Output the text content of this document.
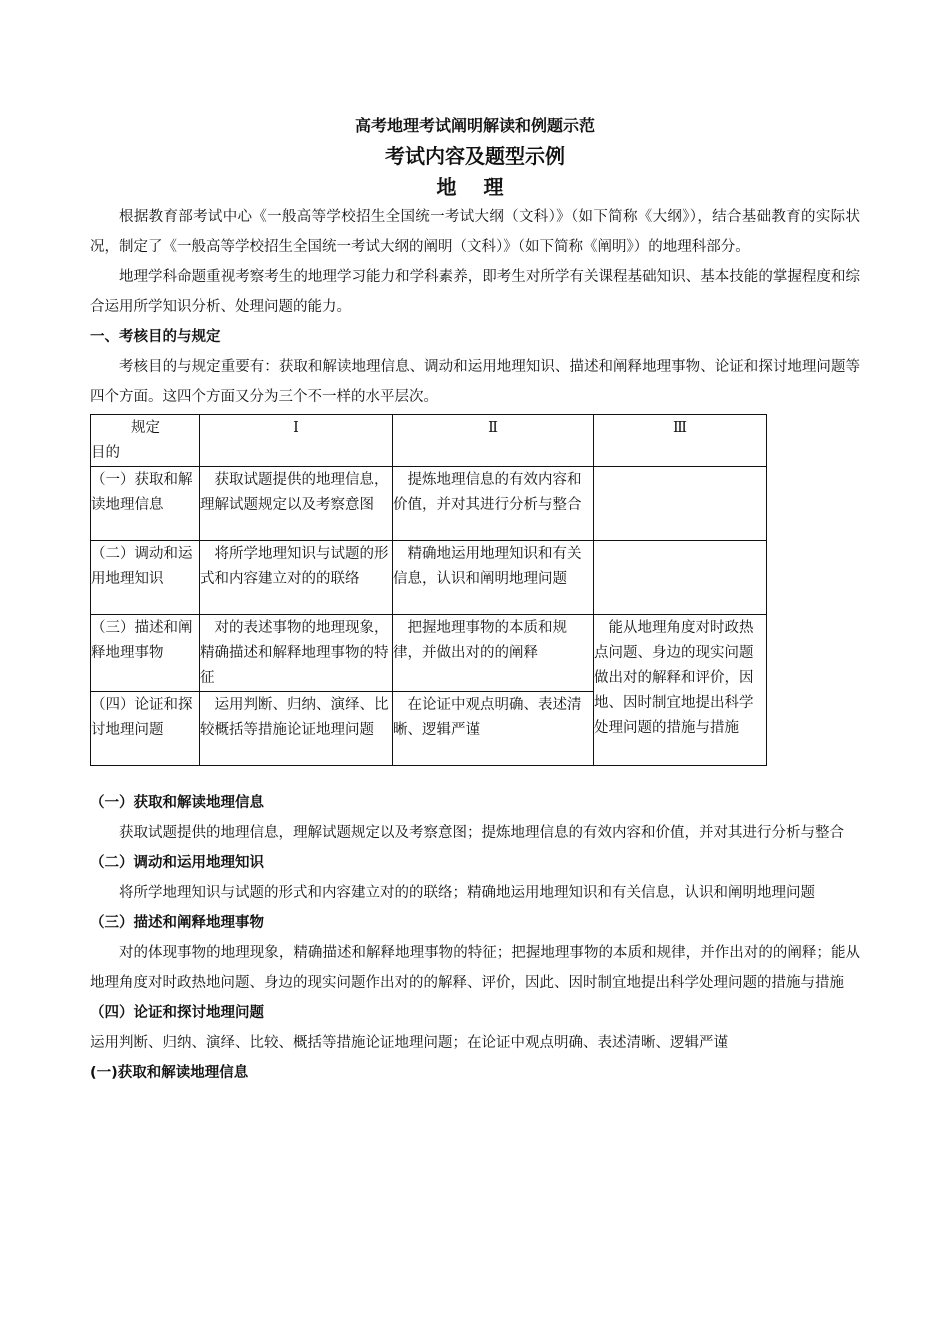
高考地理考试阐明解读和例题示范
考试内容及题型示例
地 理

根据教育部考试中心《一般高等学校招生全国统一考试大纲（文科）》（如下简称《大纲》），结合基础教育的实际状况，制定了《一般高等学校招生全国统一考试大纲的阐明（文科）》（如下简称《阐明》）的地理科部分。

地理学科命题重视考察考生的地理学习能力和学科素养，即考生对所学有关课程基础知识、基本技能的掌握程度和综合运用所学知识分析、处理问题的能力。

一、考核目的与规定

考核目的与规定重要有：获取和解读地理信息、调动和运用地理知识、描述和阐释地理事物、论证和探讨地理问题等四个方面。这四个方面又分为三个不一样的水平层次。

规定
目的	Ⅰ	Ⅱ	Ⅲ
（一）获取和解读地理信息	获取试题提供的地理信息，理解试题规定以及考察意图	提炼地理信息的有效内容和价值，并对其进行分析与整合	

（二）调动和运用地理知识	将所学地理知识与试题的形式和内容建立对的的联络	精确地运用地理知识和有关信息，认识和阐明地理问题	

（三）描述和阐释地理事物	对的表述事物的地理现象，精确描述和解释地理事物的特征	把握地理事物的本质和规律，并做出对的的阐释	能从地理角度对时政热点问题、身边的现实问题做出对的解释和评价，因地、因时制宜地提出科学处理问题的措施与措施

（四）论证和探讨地理问题	运用判断、归纳、演绎、比较概括等措施论证地理问题	在论证中观点明确、表述清晰、逻辑严谨	
（一）获取和解读地理信息

获取试题提供的地理信息，理解试题规定以及考察意图；提炼地理信息的有效内容和价值，并对其进行分析与整合

（二）调动和运用地理知识

将所学地理知识与试题的形式和内容建立对的的联络；精确地运用地理知识和有关信息，认识和阐明地理问题

（三）描述和阐释地理事物

对的体现事物的地理现象，精确描述和解释地理事物的特征；把握地理事物的本质和规律，并作出对的的阐释；能从地理角度对时政热地问题、身边的现实问题作出对的的解释、评价，因此、因时制宜地提出科学处理问题的措施与措施

（四）论证和探讨地理问题

运用判断、归纳、演绎、比较、概括等措施论证地理问题；在论证中观点明确、表述清晰、逻辑严谨

(一)获取和解读地理信息
